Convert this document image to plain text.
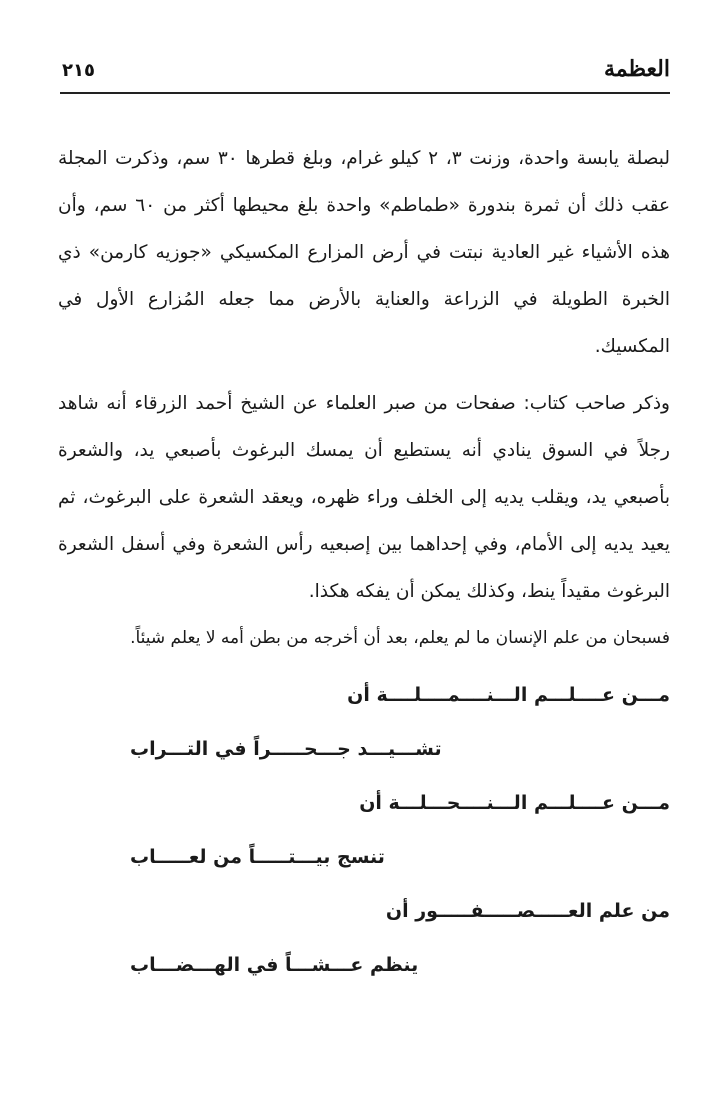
العظمة
٢١٥

لبصلة يابسة واحدة، وزنت ٣، ٢ كيلو غرام، وبلغ قطرها ٣٠ سم، وذكرت المجلة عقب ذلك أن ثمرة بندورة «طماطم» واحدة بلغ محيطها أكثر من ٦٠ سم، وأن هذه الأشياء غير العادية نبتت في أرض المزارع المكسيكي «جوزيه كارمن» ذي الخبرة الطويلة في الزراعة والعناية بالأرض مما جعله المُزارع الأول في المكسيك.

وذكر صاحب كتاب: صفحات من صبر العلماء عن الشيخ أحمد الزرقاء أنه شاهد رجلاً في السوق ينادي أنه يستطيع أن يمسك البرغوث بأصبعي يد، والشعرة بأصبعي يد، ويقلب يديه إلى الخلف وراء ظهره، ويعقد الشعرة على البرغوث، ثم يعيد يديه إلى الأمام، وفي إحداهما بين إصبعيه رأس الشعرة وفي أسفل الشعرة البرغوث مقيداً ينط، وكذلك يمكن أن يفكه هكذا.

فسبحان من علم الإنسان ما لم يعلم، بعد أن أخرجه من بطن أمه لا يعلم شيئاً.

مـــن عــــلـــم الـــنــــمــــلــــة أن
تشـــيـــد جـــحـــــراً في التـــراب
مـــن عــــلـــم الـــنــــحـــلـــة أن
تنسج بيـــتـــــاً من لعـــــاب
من علم العـــــصـــــفـــــور أن
ينظم عـــشـــاً في الهـــضـــاب
